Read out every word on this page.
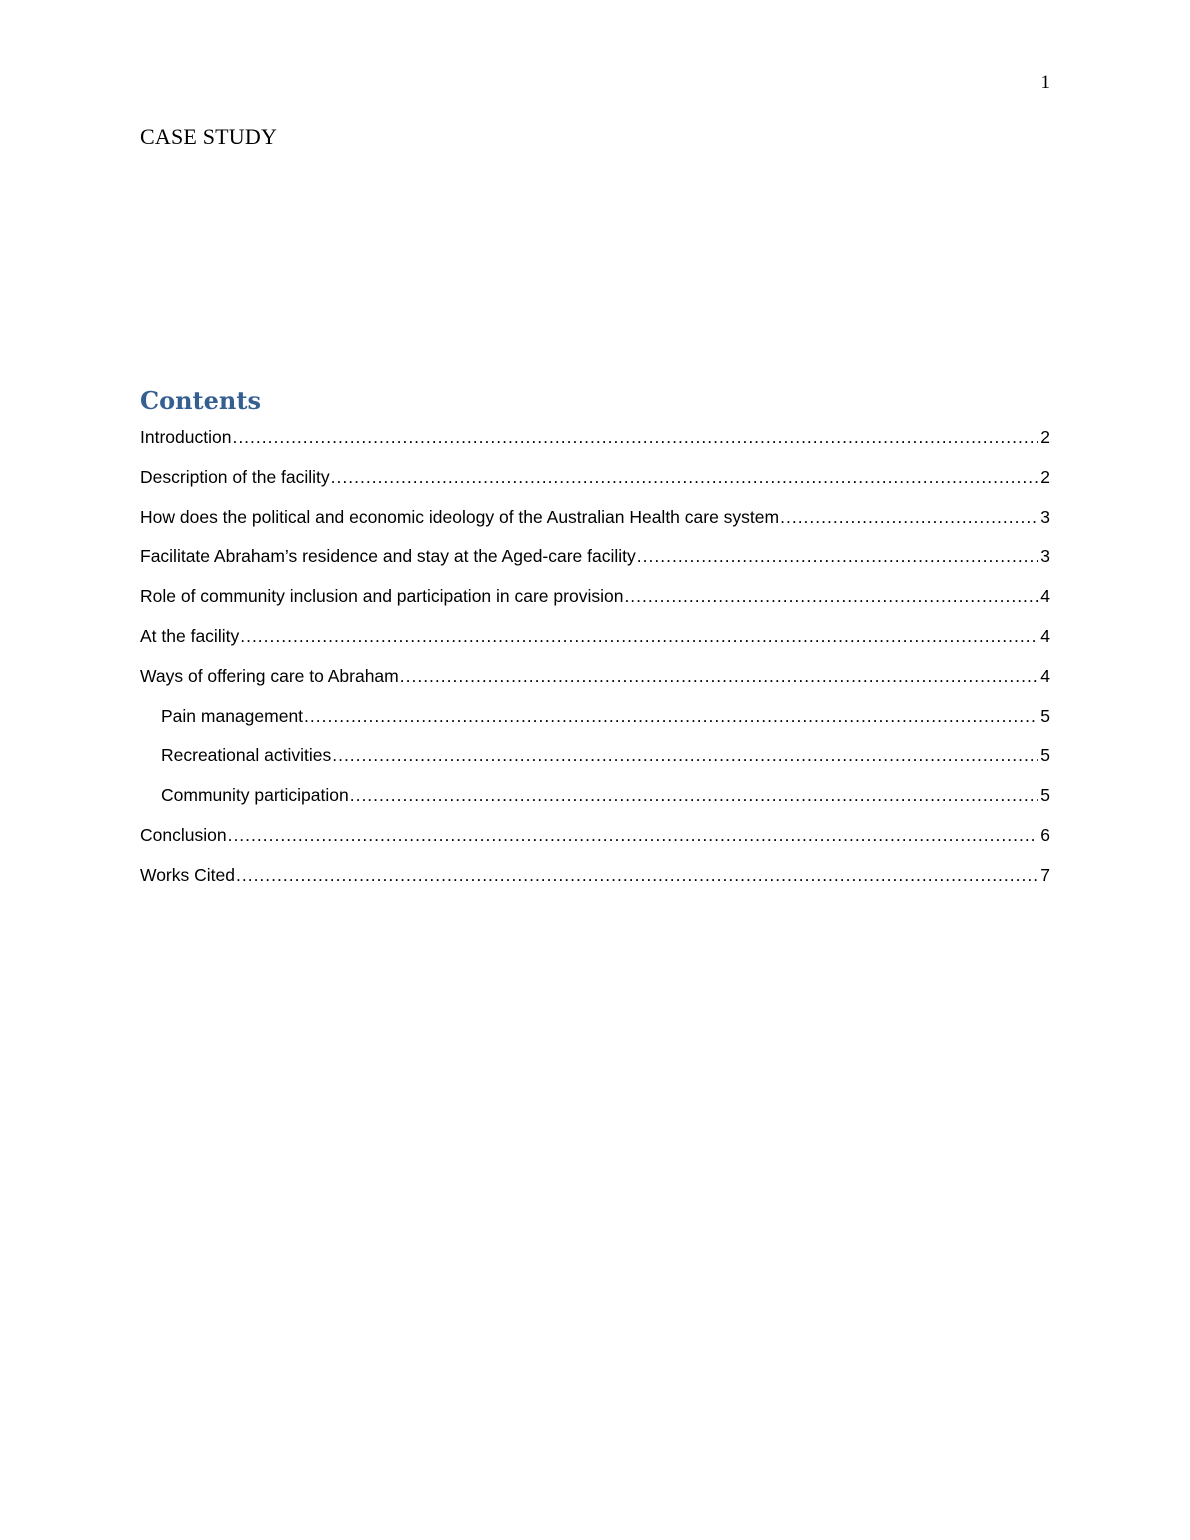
1
CASE STUDY
Contents
Introduction .....	2
Description of the facility .....	2
How does the political and economic ideology of the Australian Health care system .....	3
Facilitate Abraham’s residence and stay at the Aged-care facility .....	3
Role of community inclusion and participation in care provision .....	4
At the facility .....	4
Ways of offering care to Abraham .....	4
Pain management .....	5
Recreational activities .....	5
Community participation .....	5
Conclusion .....	6
Works Cited .....	7
